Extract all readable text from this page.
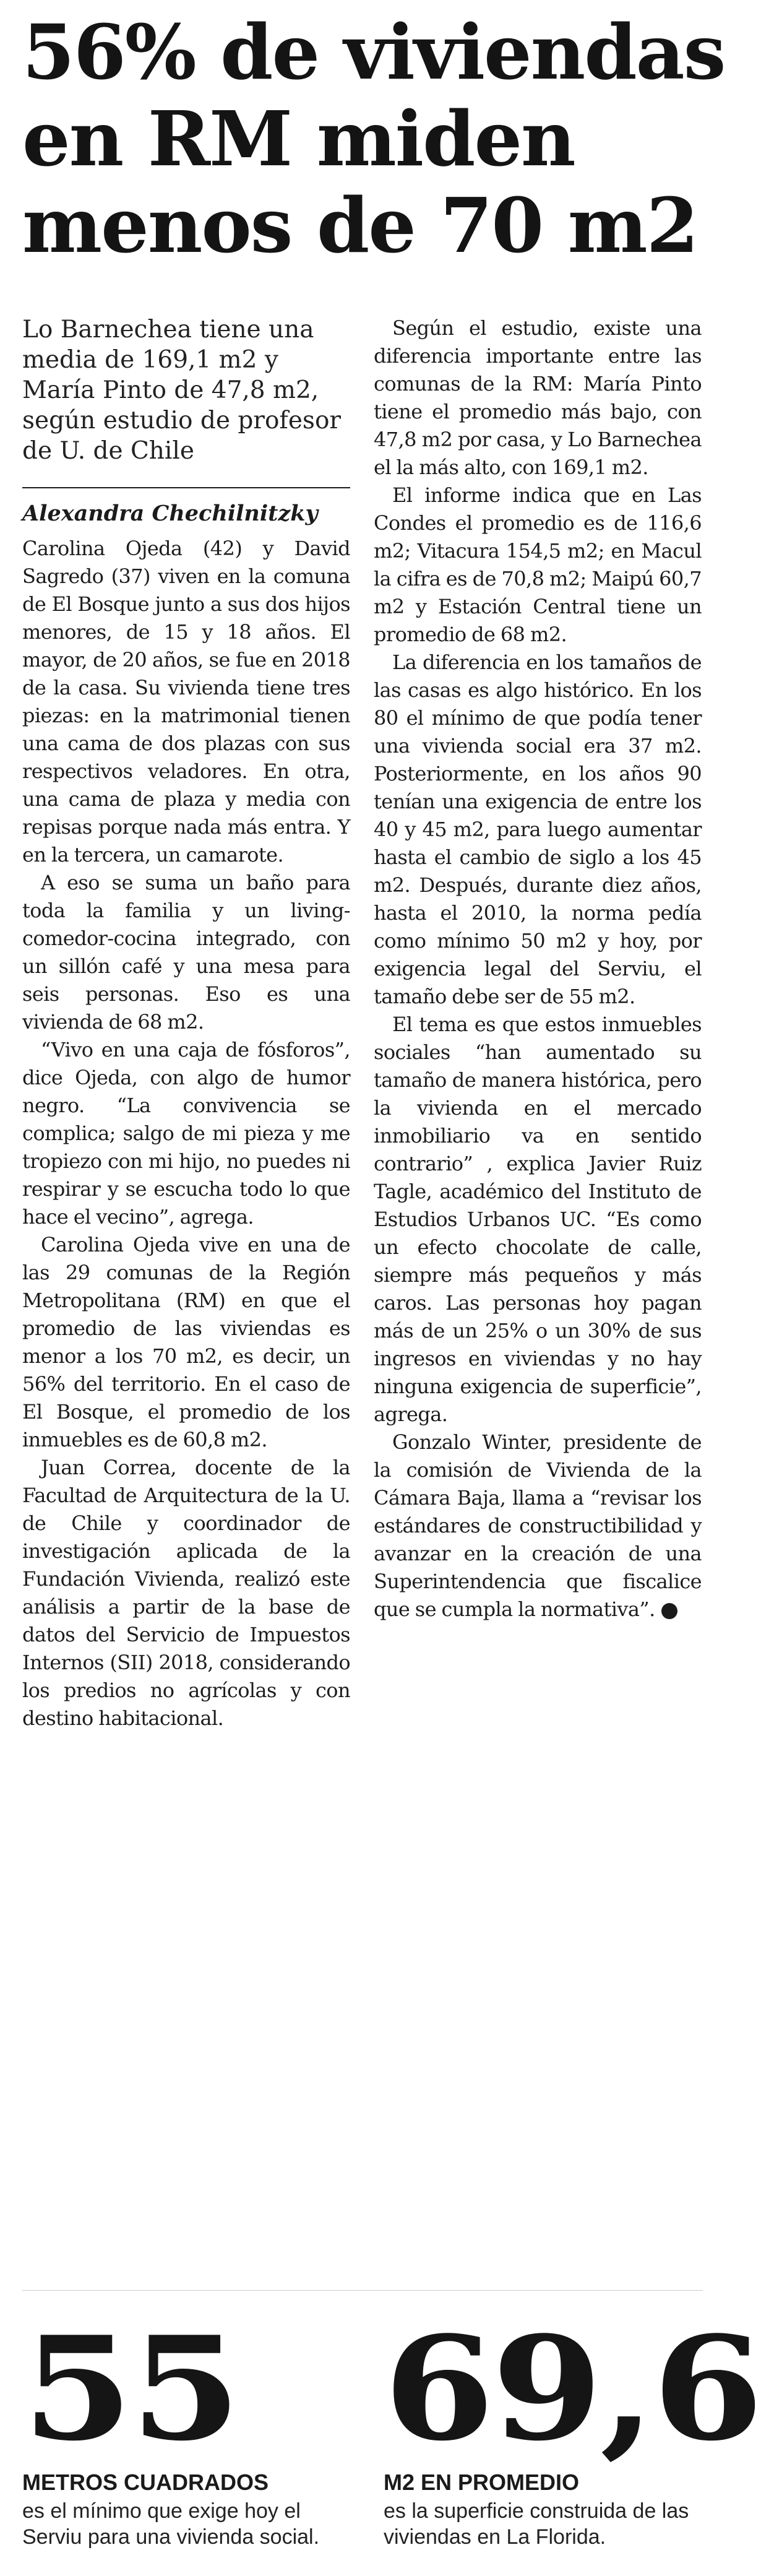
56% de viviendas
en RM miden
menos de 70 m2

Lo Barnechea tiene una media de 169,1 m2 y María Pinto de 47,8 m2, según estudio de profesor de U. de Chile

Alexandra Chechilnitzky

Carolina Ojeda (42) y David Sagredo (37) viven en la comuna de El Bosque junto a sus dos hijos menores, de 15 y 18 años. El mayor, de 20 años, se fue en 2018 de la casa. Su vivienda tiene tres piezas: en la matrimonial tienen una cama de dos plazas con sus respectivos veladores. En otra, una cama de plaza y media con repisas porque nada más entra. Y en la tercera, un camarote.

A eso se suma un baño para toda la familia y un living-comedor-cocina integrado, con un sillón café y una mesa para seis personas. Eso es una vivienda de 68 m2.

“Vivo en una caja de fósforos”, dice Ojeda, con algo de humor negro. “La convivencia se complica; salgo de mi pieza y me tropiezo con mi hijo, no puedes ni respirar y se escucha todo lo que hace el vecino”, agrega.

Carolina Ojeda vive en una de las 29 comunas de la Región Metropolitana (RM) en que el promedio de las viviendas es menor a los 70 m2, es decir, un 56% del territorio. En el caso de El Bosque, el promedio de los inmuebles es de 60,8 m2.

Juan Correa, docente de la Facultad de Arquitectura de la U. de Chile y coordinador de investigación aplicada de la Fundación Vivienda, realizó este análisis a partir de la base de datos del Servicio de Impuestos Internos (SII) 2018, considerando los predios no agrícolas y con destino habitacional.

Según el estudio, existe una diferencia importante entre las comunas de la RM: María Pinto tiene el promedio más bajo, con 47,8 m2 por casa, y Lo Barnechea el la más alto, con 169,1 m2.

El informe indica que en Las Condes el promedio es de 116,6 m2; Vitacura 154,5 m2; en Macul la cifra es de 70,8 m2; Maipú 60,7 m2 y Estación Central tiene un promedio de 68 m2.

La diferencia en los tamaños de las casas es algo histórico. En los 80 el mínimo de que podía tener una vivienda social era 37 m2. Posteriormente, en los años 90 tenían una exigencia de entre los 40 y 45 m2, para luego aumentar hasta el cambio de siglo a los 45 m2. Después, durante diez años, hasta el 2010, la norma pedía como mínimo 50 m2 y hoy, por exigencia legal del Serviu, el tamaño debe ser de 55 m2.

El tema es que estos inmuebles sociales “han aumentado su tamaño de manera histórica, pero la vivienda en el mercado inmobiliario va en sentido contrario” , explica Javier Ruiz Tagle, académico del Instituto de Estudios Urbanos UC. “Es como un efecto chocolate de calle, siempre más pequeños y más caros. Las personas hoy pagan más de un 25% o un 30% de sus ingresos en viviendas y no hay ninguna exigencia de superficie”, agrega.

Gonzalo Winter, presidente de la comisión de Vivienda de la Cámara Baja, llama a “revisar los estándares de constructibilidad y avanzar en la creación de una Superintendencia que fiscalice que se cumpla la normativa”.

55
METROS CUADRADOS
es el mínimo que exige hoy el Serviu para una vivienda social.
69,6
M2 EN PROMEDIO
es la superficie construida de las viviendas en La Florida.
